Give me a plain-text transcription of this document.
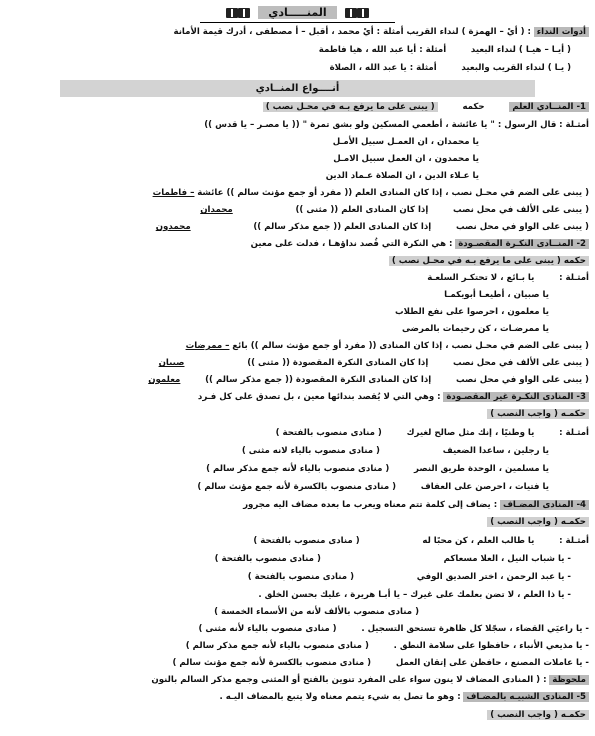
المنـــــادي
أدوات النداء : ( أيْ – الهمزة ) لنداء القريب أمثلة : أيْ محمد ، أقبل – أ مصطفى ، أدرك قيمة الأمانة
( أيـا – هيـا ) لنداء البعيد أمثلة : أيا عبد الله ، هيا فاطمة
( يـا ) لنداء القريب والبعيد أمثلة : يا عبد الله ، الصلاة
أنــــواع المنــادي
1- المنــادي العلم حكمه ( يبنى على ما يرفع بـه في محـل نصب )
أمثـلة : قال الرسول : " يا عائشة ، أطعمي المسكين ولو بشق تمرة " (( يا مصـر – يا قدس ))
يا محمدان ، ان العمـل سبيل الأمـل
يا محمدون ، ان العمل سبيل الامـل
يا عـلاء الدين ، ان الصلاة عـماد الدين
( يبنى على الضم في محـل نصب ، إذا كان المنادى العلم (( مفرد أو جمع مؤنث سالم )) عائشة – فاطمات
( يبنى على الألف في محل نصب إذا كان المنادى العلم (( مثنى )) محمدان
( يبنى على الواو في محل نصب إذا كان المنادى العلم (( جمع مذكر سالم )) محمدون
2- المنــادى النكـرة المقصـودة : هي النكرة التي قُصد نداؤهـا ، فدلت على معين
حكمه ( يبنى على ما يرفع بـه في محـل نصب )
أمثـلة : يا بـائع ، لا تحتكـر السلعـة
يا صبيان ، أطيعـا أبويكمـا
يا معلمون ، احرصوا على نفع الطلاب
يا ممرضـات ، كن رحيمات بالمرضى
( يبنى على الضم في محـل نصب ، إذا كان المنادى (( مفرد أو جمع مؤنث سالم )) بائع – ممرضات
( يبنى على الألف في محل نصب إذا كان المنادى النكرة المقصودة (( مثنى )) صبيان
( يبنى على الواو في محل نصب إذا كان المنادى النكرة المقصودة (( جمع مذكر سالم )) معلمون
3- المنادى النكـرة غير المقصـودة : وهي التي لا يُقصد بندائها معين ، بل تصدق على كل فـرد
حكمـه ( واجب النصب )
أمثـلة : يا وطنيًا ، إنك مثل صالح لغيرك ( منادى منصوب بالفتحة )
يا رجلين ، ساعدا الضعيف ( منادى منصوب بالياء لانه مثنى )
يا مسلمين ، الوحدة طريق النصر ( منادى منصوب بالياء لأنه جمع مذكر سالم )
يا فتيات ، احرصن على العفاف ( منادى منصوب بالكسرة لأنه جمع مؤنث سالم )
4- المنادى المضـاف : يضاف إلى كلمة تتم معناه ويعرب ما بعده مضاف اليه مجرور
حكمـه ( واجب النصب )
أمثـلة : يا طالب العلم ، كن محبًا له ( منادى منصوب بالفتحة )
- يا شباب النيل ، العلا مسعاكم ( منادى منصوب بالفتحة )
- يا عبد الرحمن ، اختر الصديق الوفي ( منادى منصوب بالفتحة )
- يا ذا العلم ، لا تضن بعلمك على غيرك – يا أبـا هريرة ، عليك بحسن الخلق .
( منادى منصوب بالألف لأنه من الأسماء الخمسة )
- يا راعيَي القضاء ، سجّلا كل ظاهرة تستحق التسجيل . ( منادى منصوب بالياء لأنه مثنى )
- يا مذيعي الأنباء ، حافظوا على سلامة النطق . ( منادى منصوب بالياء لأنه جمع مذكر سالم )
- يا عاملات المصنع ، حافظن على إتقان العمل ( منادى منصوب بالكسرة لأنه جمع مؤنث سالم )
ملحوظة : ( المنادى المضاف لا ينون سواء على المفرد تنوين بالفتح أو المثنى وجمع مذكر السالم بالنون
5- المنادى الشبيـه بالمضـاف : وهو ما تصل به شيء يتمم معناه ولا يتبع بالمضاف اليـه .
حكمـه ( واجب النصب )
